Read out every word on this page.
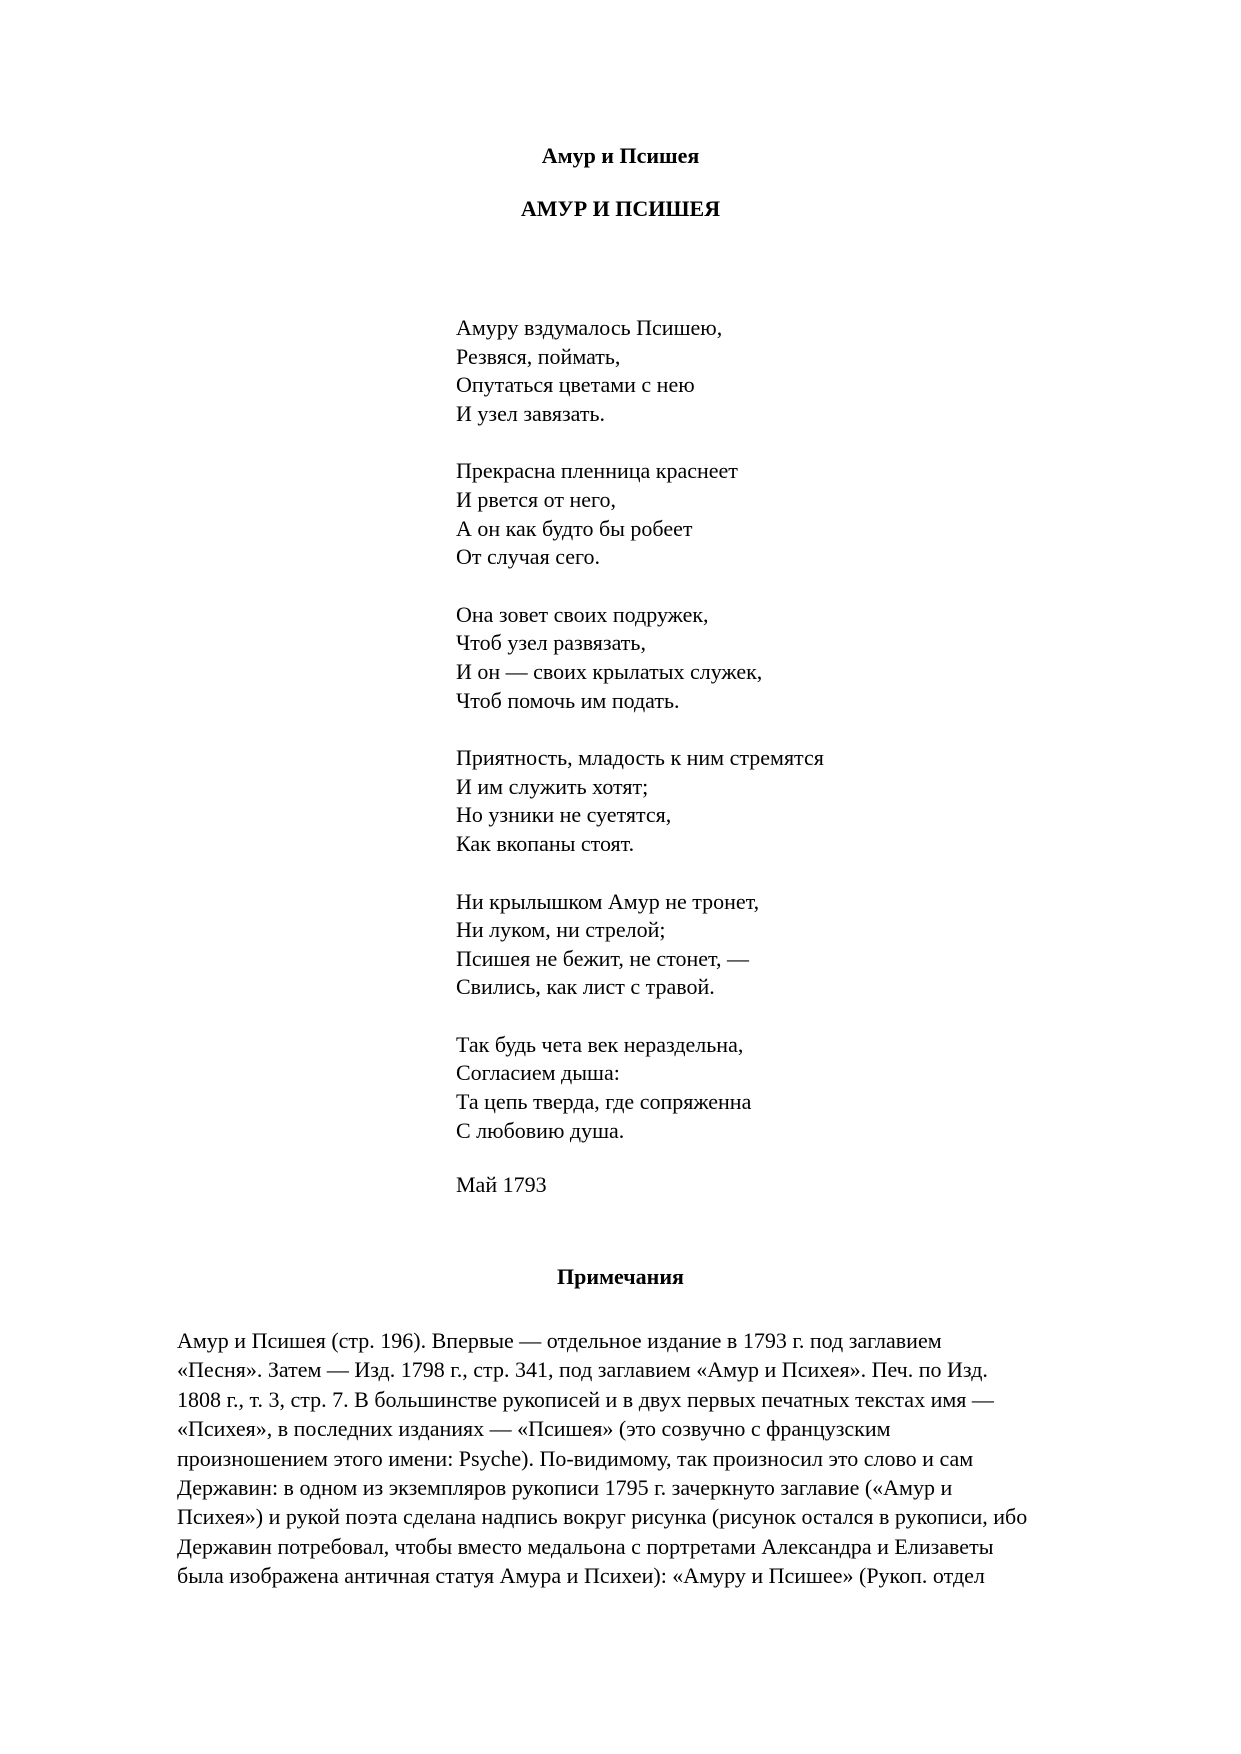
Амур и Псишея
АМУР И ПСИШЕЯ

Амуру вздумалось Псишею,
Резвяся, поймать,
Опутаться цветами с нею
И узел завязать.

Прекрасна пленница краснеет
И рвется от него,
А он как будто бы робеет
От случая сего.

Она зовет своих подружек,
Чтоб узел развязать,
И он — своих крылатых служек,
Чтоб помочь им подать.

Приятность, младость к ним стремятся
И им служить хотят;
Но узники не суетятся,
Как вкопаны стоят.

Ни крылышком Амур не тронет,
Ни луком, ни стрелой;
Псишея не бежит, не стонет, —
Свились, как лист с травой.

Так будь чета век нераздельна,
Согласием дыша:
Та цепь тверда, где сопряженна
С любовию душа.

Май 1793
Примечания
Амур и Псишея (стр. 196). Впервые — отдельное издание в 1793 г. под заглавием
«Песня». Затем — Изд. 1798 г., стр. 341, под заглавием «Амур и Психея». Печ. по Изд.
1808 г., т. 3, стр. 7. В большинстве рукописей и в двух первых печатных текстах имя —
«Психея», в последних изданиях — «Псишея» (это созвучно с французским
произношением этого имени: Psyche). По-видимому, так произносил это слово и сам
Державин: в одном из экземпляров рукописи 1795 г. зачеркнуто заглавие («Амур и
Психея») и рукой поэта сделана надпись вокруг рисунка (рисунок остался в рукописи, ибо
Державин потребовал, чтобы вместо медальона с портретами Александра и Елизаветы
была изображена античная статуя Амура и Психеи): «Амуру и Псишее» (Рукоп. отдел
